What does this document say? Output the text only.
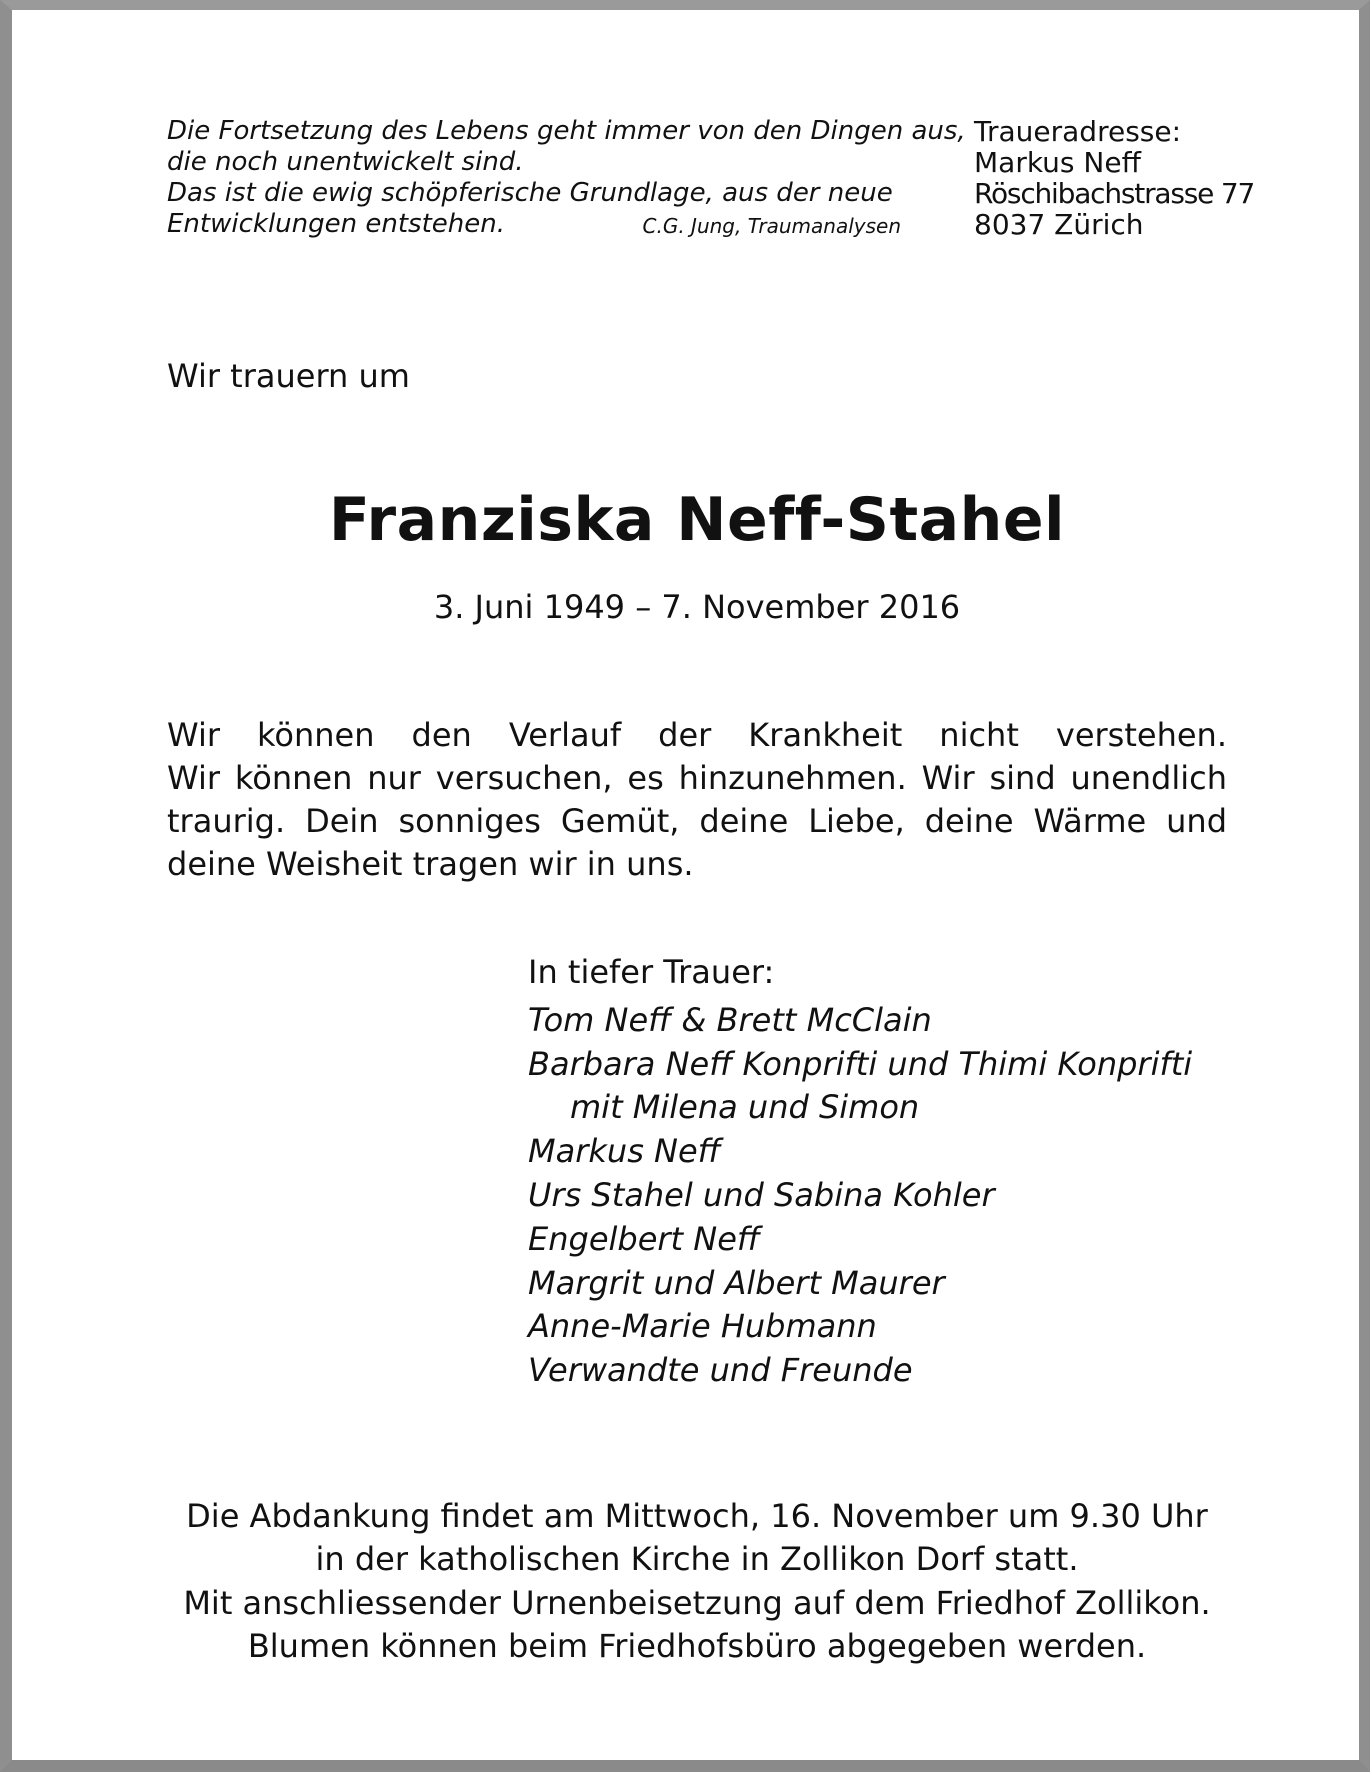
Die Fortsetzung des Lebens geht immer von den Dingen aus,
die noch unentwickelt sind.
Das ist die ewig schöpferische Grundlage, aus der neue
Entwicklungen entstehen.	C.G. Jung, Traumanalysen
Traueradresse:
Markus Neff
Röschibachstrasse 77
8037 Zürich
Wir trauern um
Franziska Neff-Stahel
3. Juni 1949 – 7. November 2016
Wir können den Verlauf der Krankheit nicht verstehen.
Wir können nur versuchen, es hinzunehmen. Wir sind unendlich
traurig. Dein sonniges Gemüt, deine Liebe, deine Wärme und
deine Weisheit tragen wir in uns.
In tiefer Trauer:
Tom Neff & Brett McClain
Barbara Neff Konprifti und Thimi Konprifti
mit Milena und Simon
Markus Neff
Urs Stahel und Sabina Kohler
Engelbert Neff
Margrit und Albert Maurer
Anne-Marie Hubmann
Verwandte und Freunde
Die Abdankung findet am Mittwoch, 16. November um 9.30 Uhr
in der katholischen Kirche in Zollikon Dorf statt.
Mit anschliessender Urnenbeisetzung auf dem Friedhof Zollikon.
Blumen können beim Friedhofsbüro abgegeben werden.
